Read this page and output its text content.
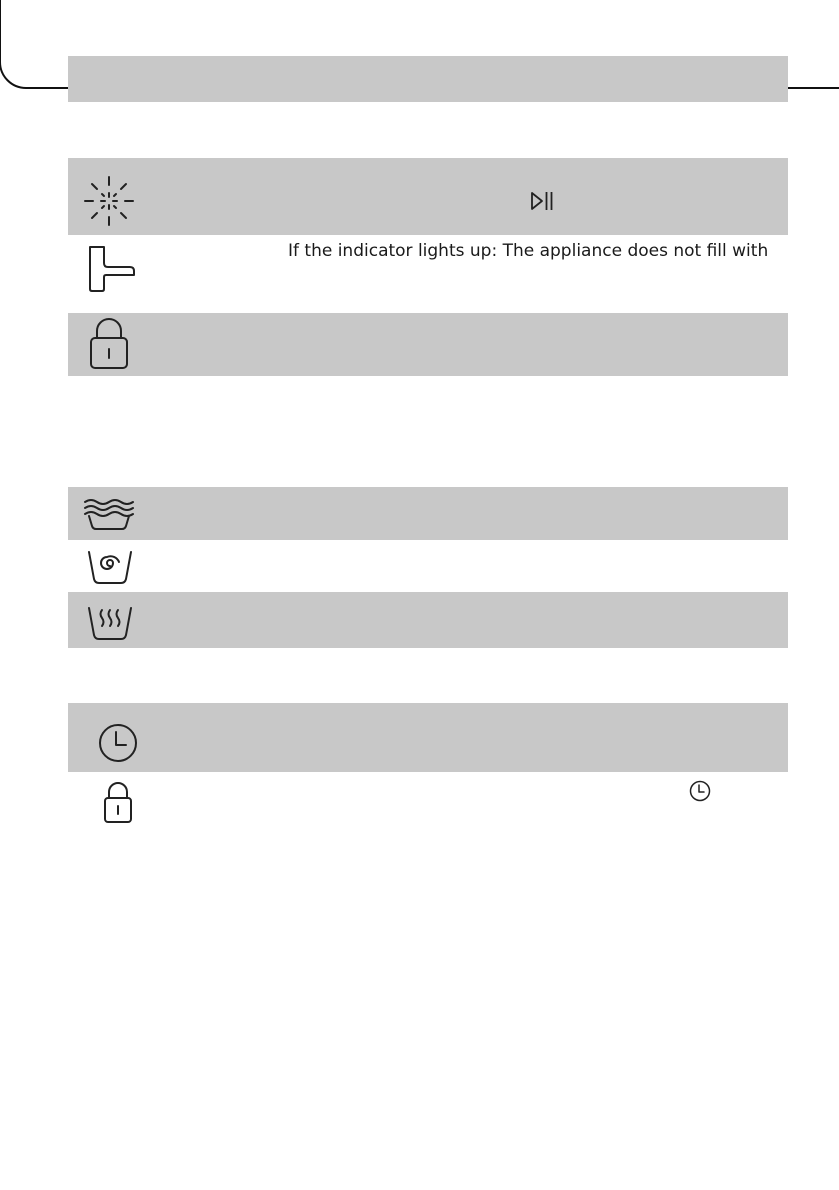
If the indicator lights up: The appliance does not fill with
